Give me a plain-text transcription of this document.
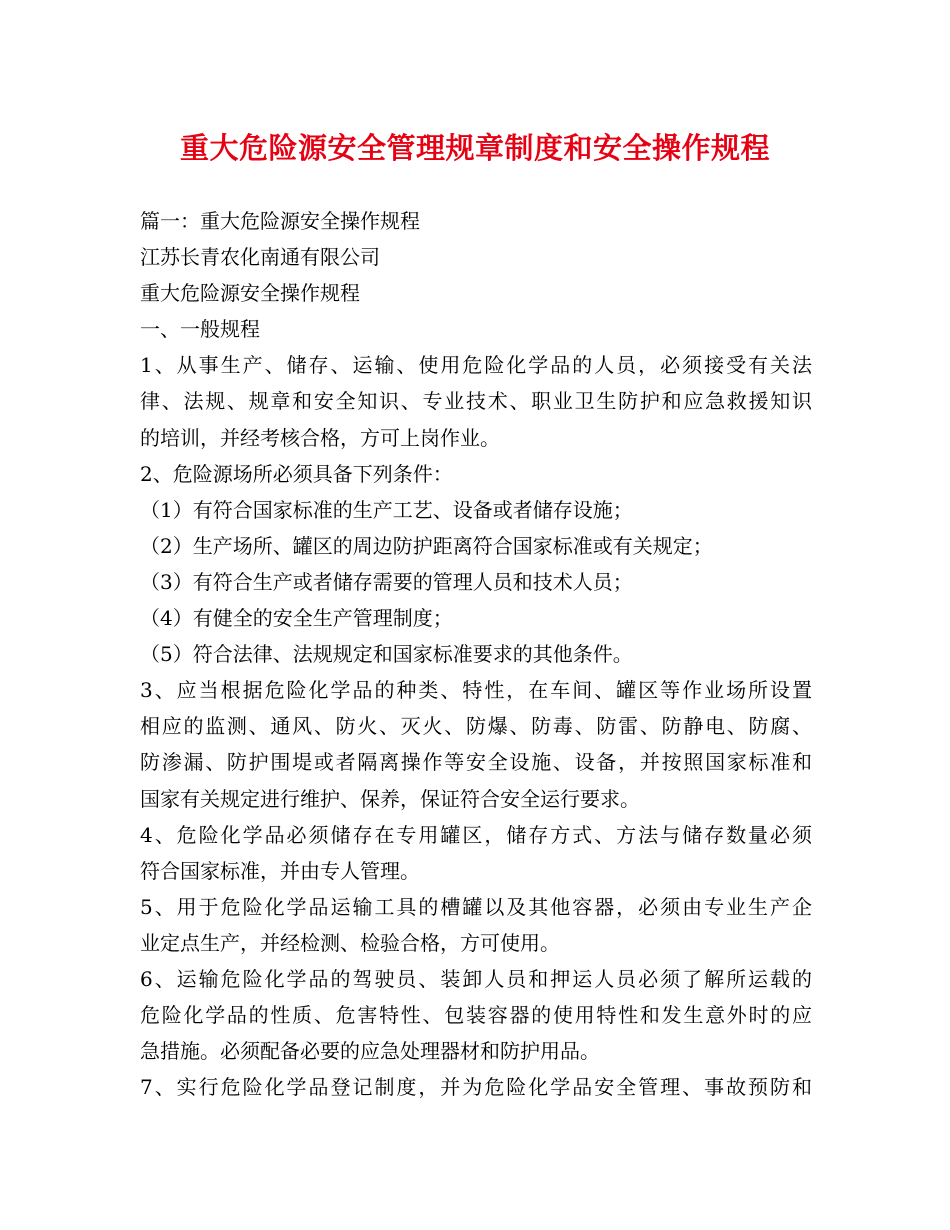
重大危险源安全管理规章制度和安全操作规程
篇一：重大危险源安全操作规程
江苏长青农化南通有限公司
重大危险源安全操作规程
一、一般规程
1、从事生产、储存、运输、使用危险化学品的人员，必须接受有关法
律、法规、规章和安全知识、专业技术、职业卫生防护和应急救援知识
的培训，并经考核合格，方可上岗作业。
2、危险源场所必须具备下列条件：
（1）有符合国家标准的生产工艺、设备或者储存设施；
（2）生产场所、罐区的周边防护距离符合国家标准或有关规定；
（3）有符合生产或者储存需要的管理人员和技术人员；
（4）有健全的安全生产管理制度；
（5）符合法律、法规规定和国家标准要求的其他条件。
3、应当根据危险化学品的种类、特性，在车间、罐区等作业场所设置
相应的监测、通风、防火、灭火、防爆、防毒、防雷、防静电、防腐、
防渗漏、防护围堤或者隔离操作等安全设施、设备，并按照国家标准和
国家有关规定进行维护、保养，保证符合安全运行要求。
4、危险化学品必须储存在专用罐区，储存方式、方法与储存数量必须
符合国家标准，并由专人管理。
5、用于危险化学品运输工具的槽罐以及其他容器，必须由专业生产企
业定点生产，并经检测、检验合格，方可使用。
6、运输危险化学品的驾驶员、装卸人员和押运人员必须了解所运载的
危险化学品的性质、危害特性、包装容器的使用特性和发生意外时的应
急措施。必须配备必要的应急处理器材和防护用品。
7、实行危险化学品登记制度，并为危险化学品安全管理、事故预防和
